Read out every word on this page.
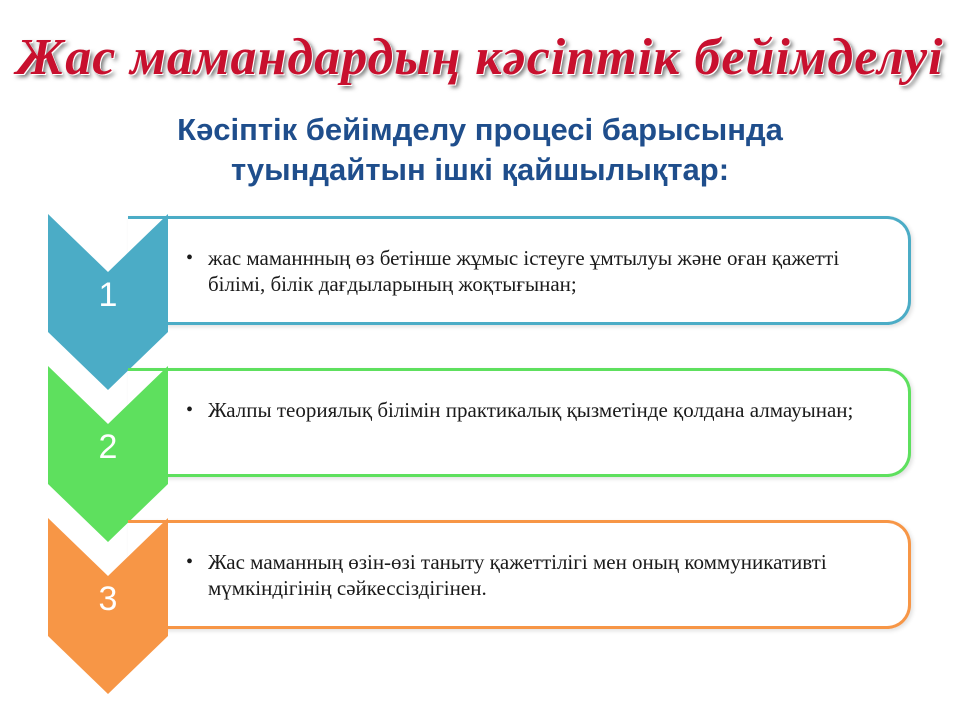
Жас мамандардың кәсіптік бейімделуі
Кәсіптік бейімделу процесі барысында
туындайтын ішкі қайшылықтар:
• жас маманнның өз бетінше жұмыс істеуге ұмтылуы және оған қажетті білімі, білік дағдыларының жоқтығынан;
1
• Жалпы теориялық білімін практикалық қызметінде қолдана алмауынан;
2
• Жас маманның өзін-өзі таныту қажеттілігі мен оның коммуникативті мүмкіндігінің сәйкессіздігінен.
3
